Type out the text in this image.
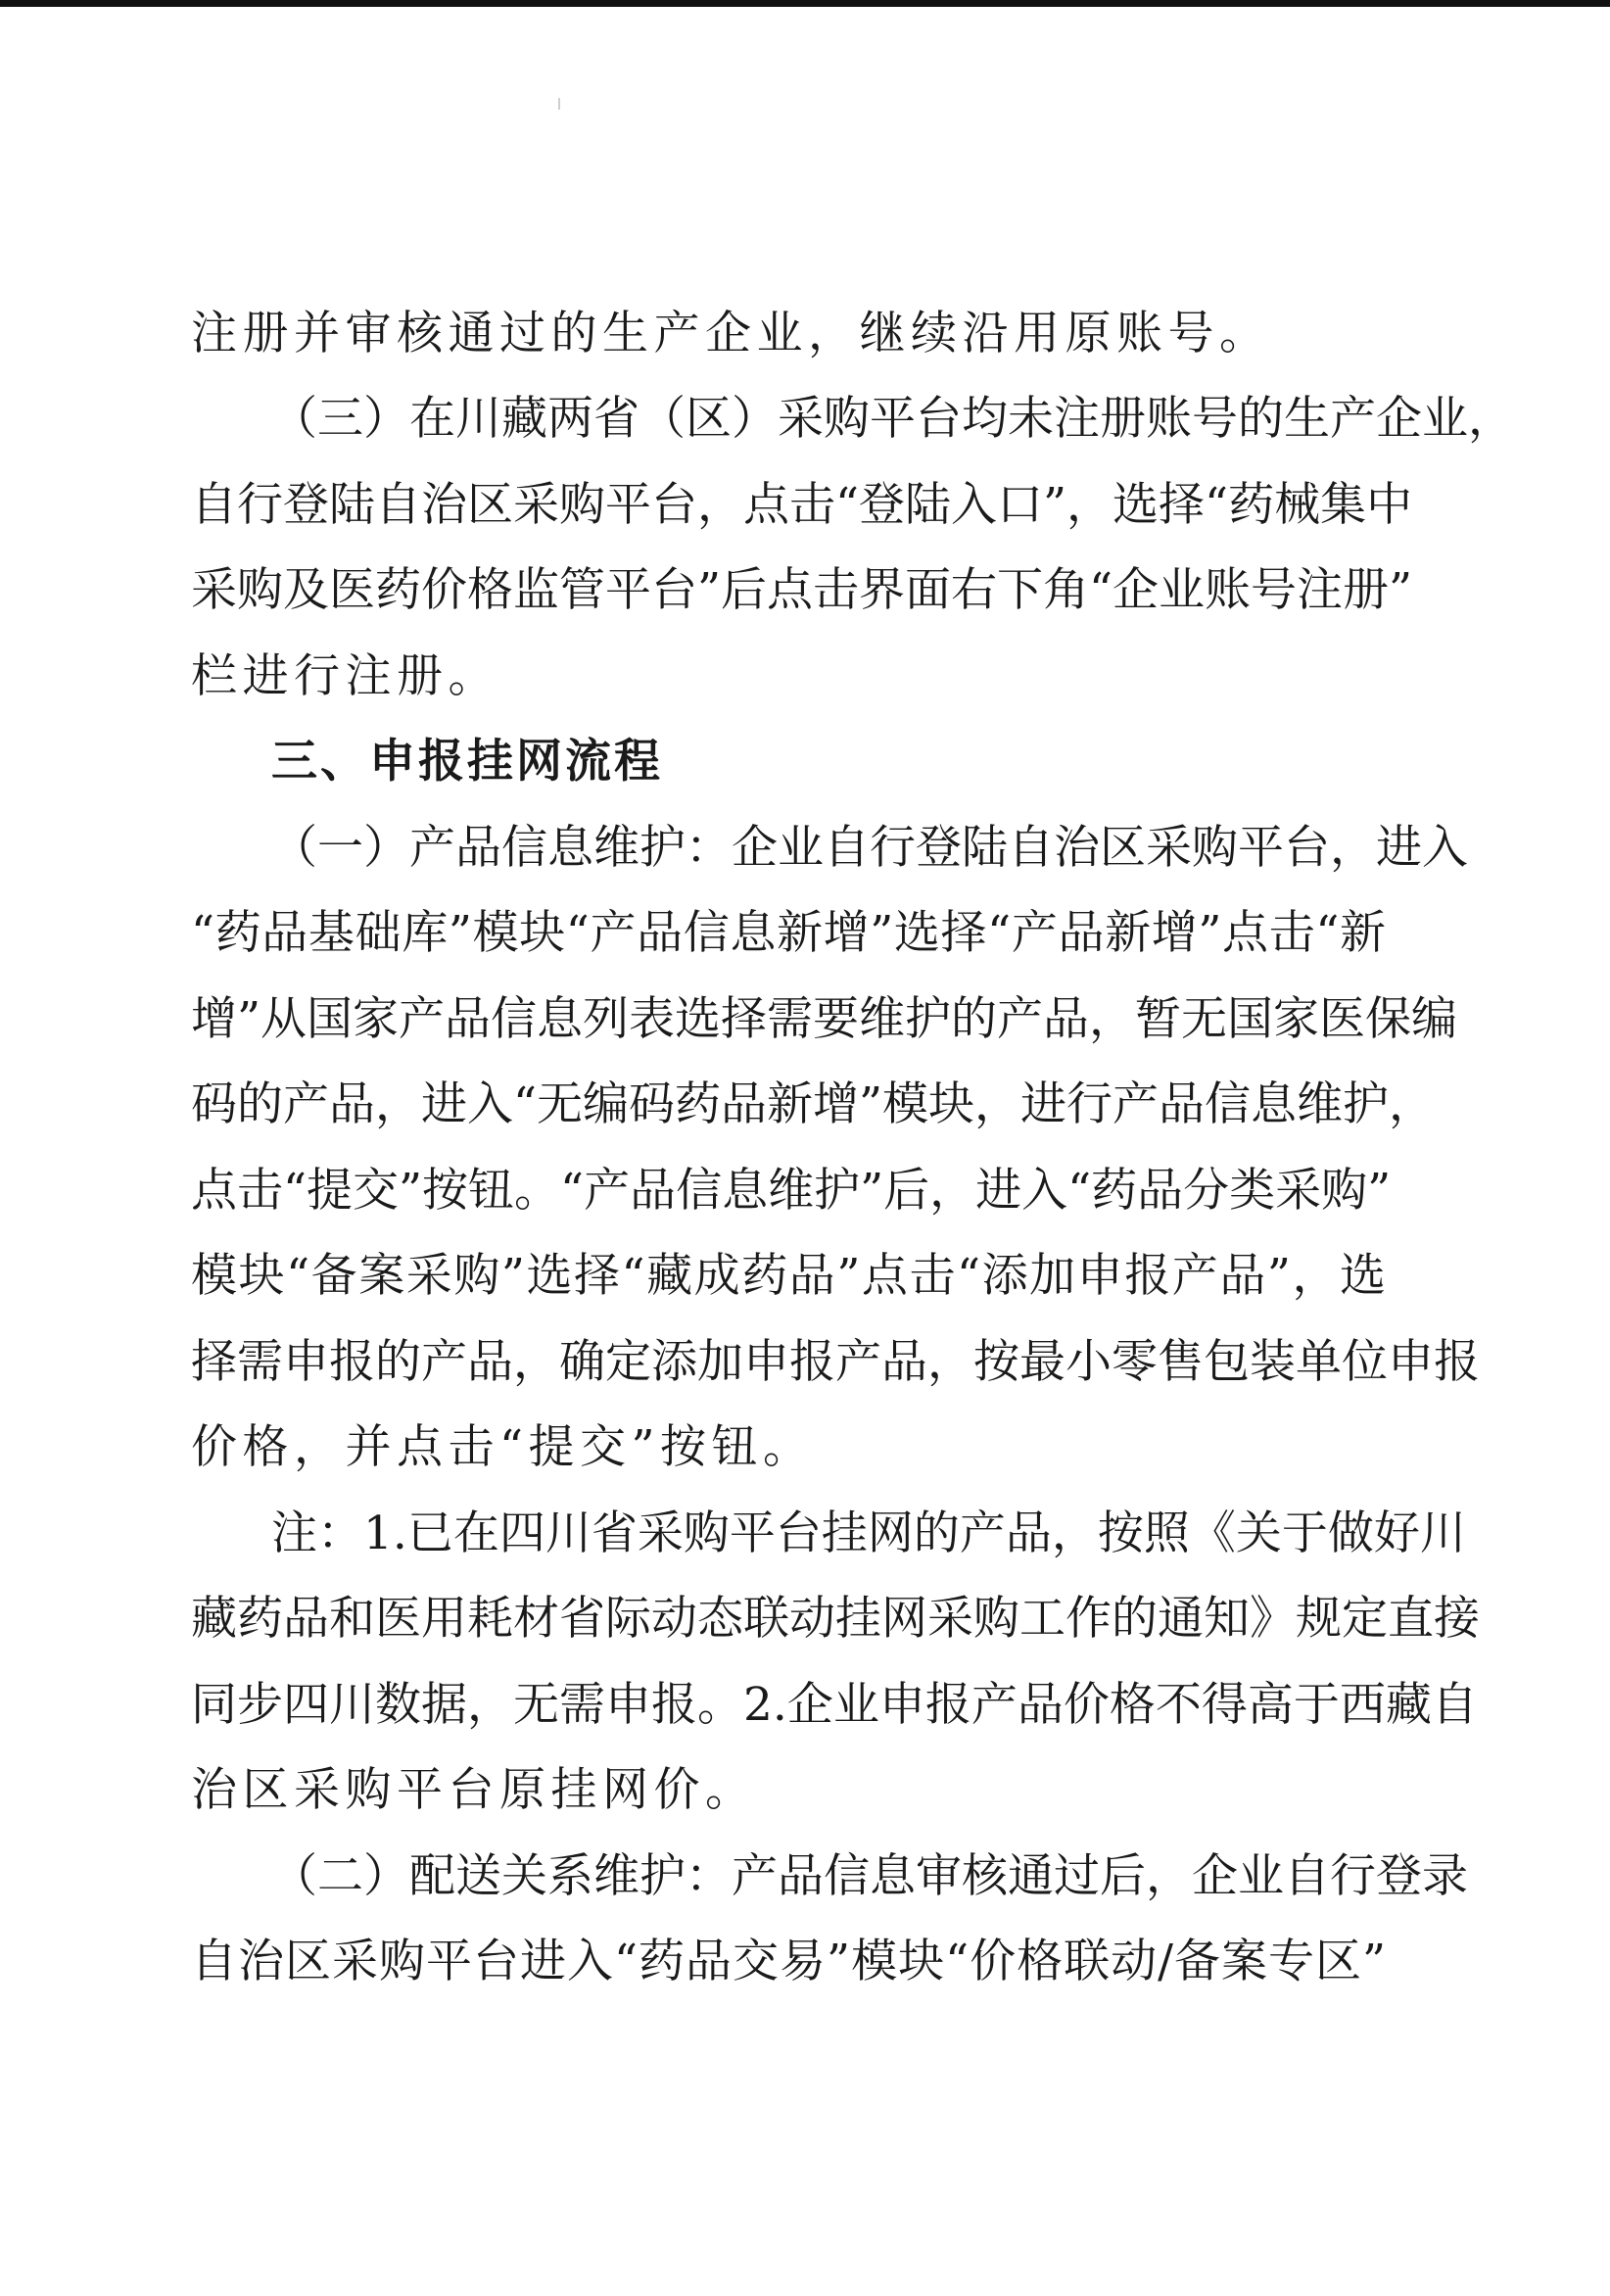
注册并审核通过的生产企业，继续沿用原账号。
（三）在川藏两省（区）采购平台均未注册账号的生产企业，
自行登陆自治区采购平台，点击“登陆入口”，选择“药械集中
采购及医药价格监管平台”后点击界面右下角“企业账号注册”
栏进行注册。
三、申报挂网流程
（一）产品信息维护：企业自行登陆自治区采购平台，进入
“药品基础库”模块“产品信息新增”选择“产品新增”点击“新
增”从国家产品信息列表选择需要维护的产品，暂无国家医保编
码的产品，进入“无编码药品新增”模块，进行产品信息维护，
点击“提交”按钮。“产品信息维护”后，进入“药品分类采购”
模块“备案采购”选择“藏成药品”点击“添加申报产品”，选
择需申报的产品，确定添加申报产品，按最小零售包装单位申报
价格，并点击“提交”按钮。
注：1.已在四川省采购平台挂网的产品，按照《关于做好川
藏药品和医用耗材省际动态联动挂网采购工作的通知》规定直接
同步四川数据，无需申报。2.企业申报产品价格不得高于西藏自
治区采购平台原挂网价。
（二）配送关系维护：产品信息审核通过后，企业自行登录
自治区采购平台进入“药品交易”模块“价格联动/备案专区”
